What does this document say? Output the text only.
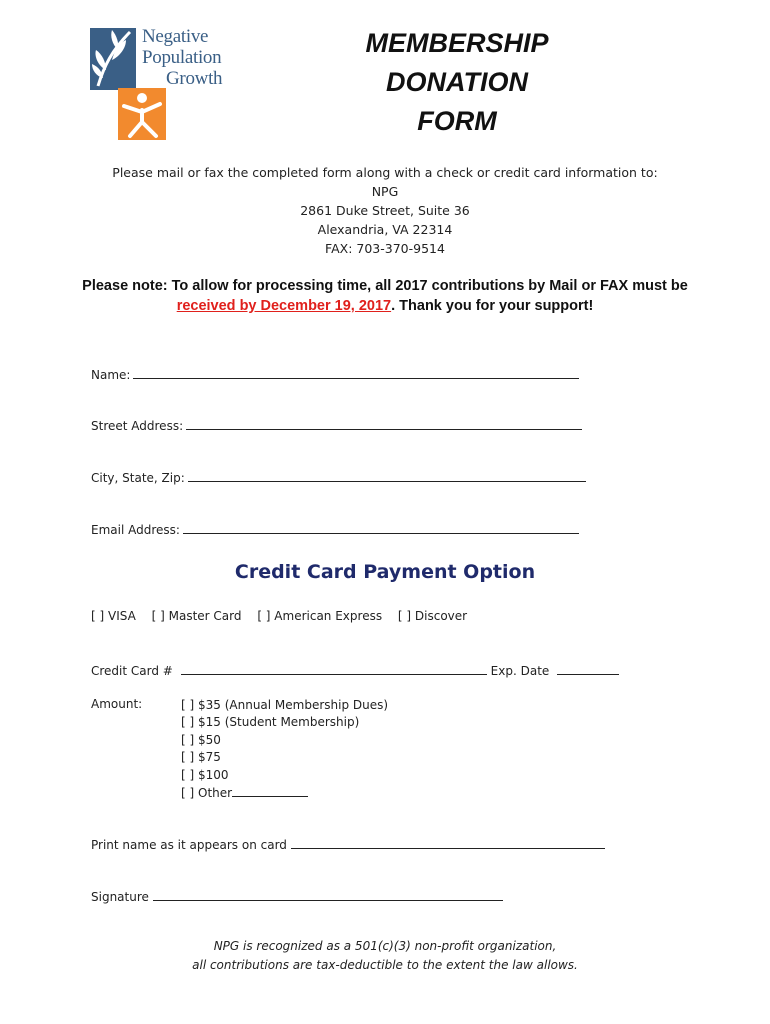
Negative
Population
Growth
MEMBERSHIP
DONATION
FORM
Please mail or fax the completed form along with a check or credit card information to:
NPG
2861 Duke Street, Suite 36
Alexandria, VA 22314
FAX: 703-370-9514
Please note: To allow for processing time, all 2017 contributions by Mail or FAX must be received by December 19, 2017. Thank you for your support!
Name:
Street Address:
City, State, Zip:
Email Address:
Credit Card Payment Option
[ ] VISA [ ] Master Card [ ] American Express [ ] Discover
Credit Card #	Exp. Date
Amount:	[ ] $35 (Annual Membership Dues)
[ ] $15 (Student Membership)
[ ] $50
[ ] $75
[ ] $100
[ ] Other
Print name as it appears on card
Signature
NPG is recognized as a 501(c)(3) non-profit organization,
all contributions are tax-deductible to the extent the law allows.
